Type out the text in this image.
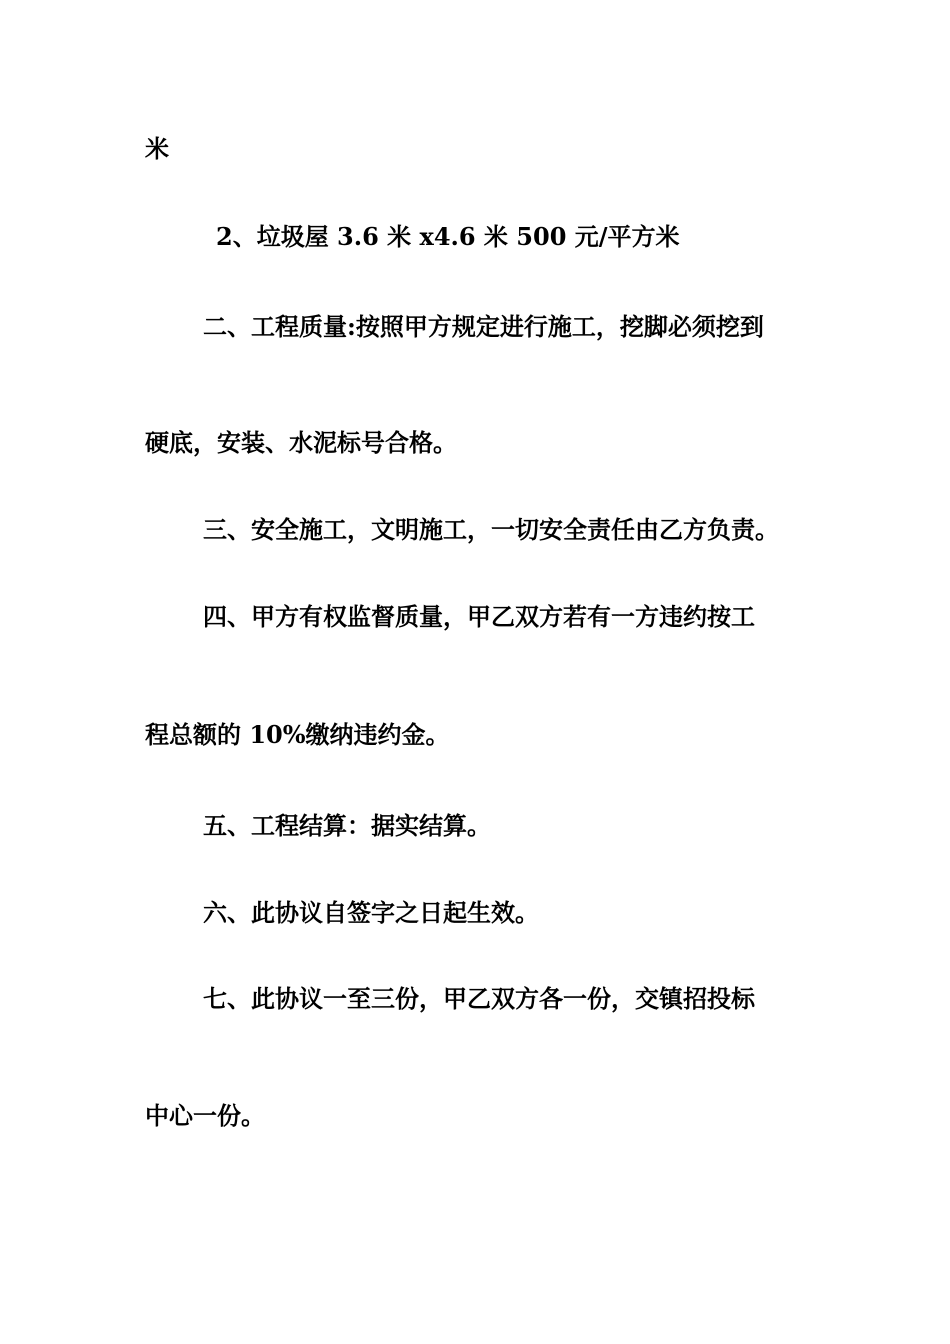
米

2、垃圾屋 3.6 米 x4.6 米 500 元/平方米

二、工程质量:按照甲方规定进行施工，挖脚必须挖到

硬底，安装、水泥标号合格。

三、安全施工，文明施工，一切安全责任由乙方负责。

四、甲方有权监督质量，甲乙双方若有一方违约按工

程总额的 10%缴纳违约金。

五、工程结算：据实结算。

六、此协议自签字之日起生效。

七、此协议一至三份，甲乙双方各一份，交镇招投标

中心一份。
